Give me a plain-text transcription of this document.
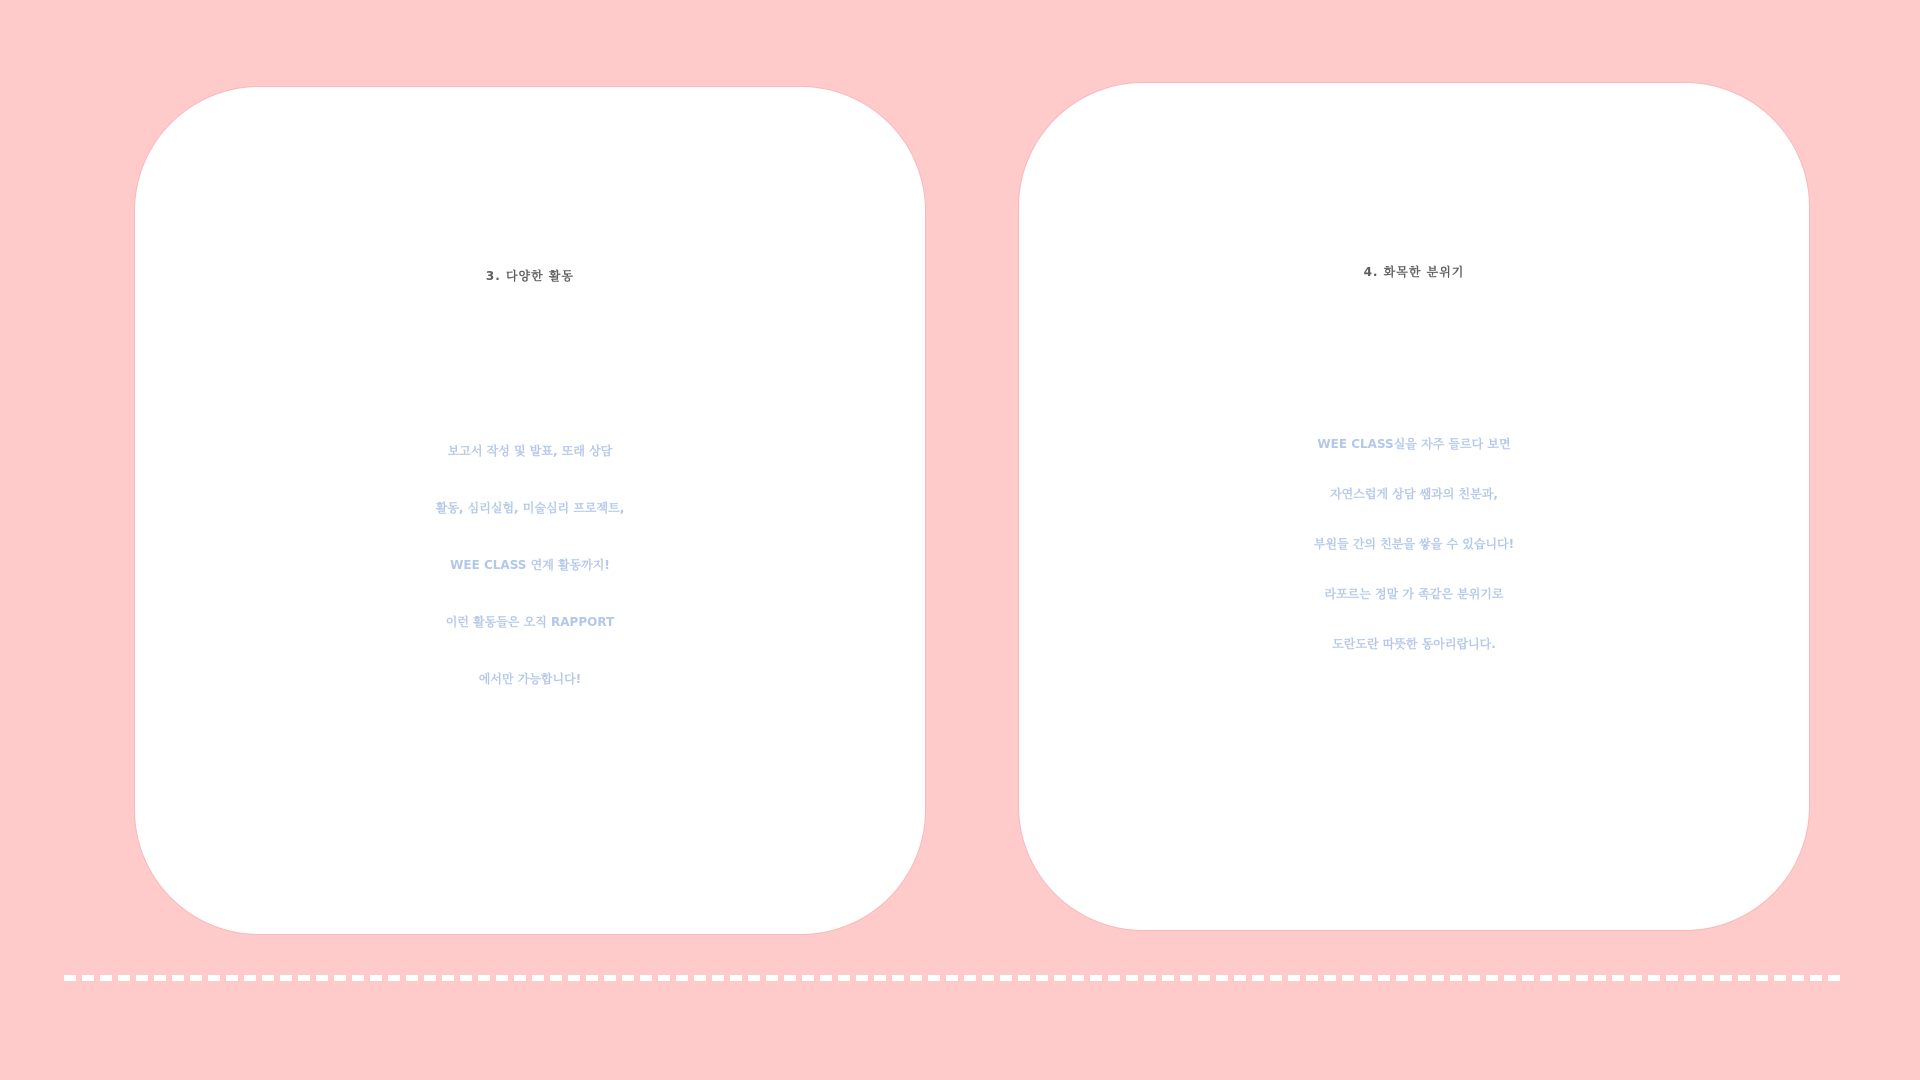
3. 다양한 활동
보고서 작성 및 발표, 또래 상담
활동, 심리실험, 미술심리 프로젝트,
WEE CLASS 연계 활동까지!
이런 활동들은 오직 RAPPORT
에서만 가능합니다!
4. 화목한 분위기
WEE CLASS실을 자주 들르다 보면
자연스럽게 상담 쌤과의 친분과,
부원들 간의 친분을 쌓을 수 있습니다!
라포르는 정말 가 족같은 분위기로
도란도란 따뜻한 동아리랍니다.
